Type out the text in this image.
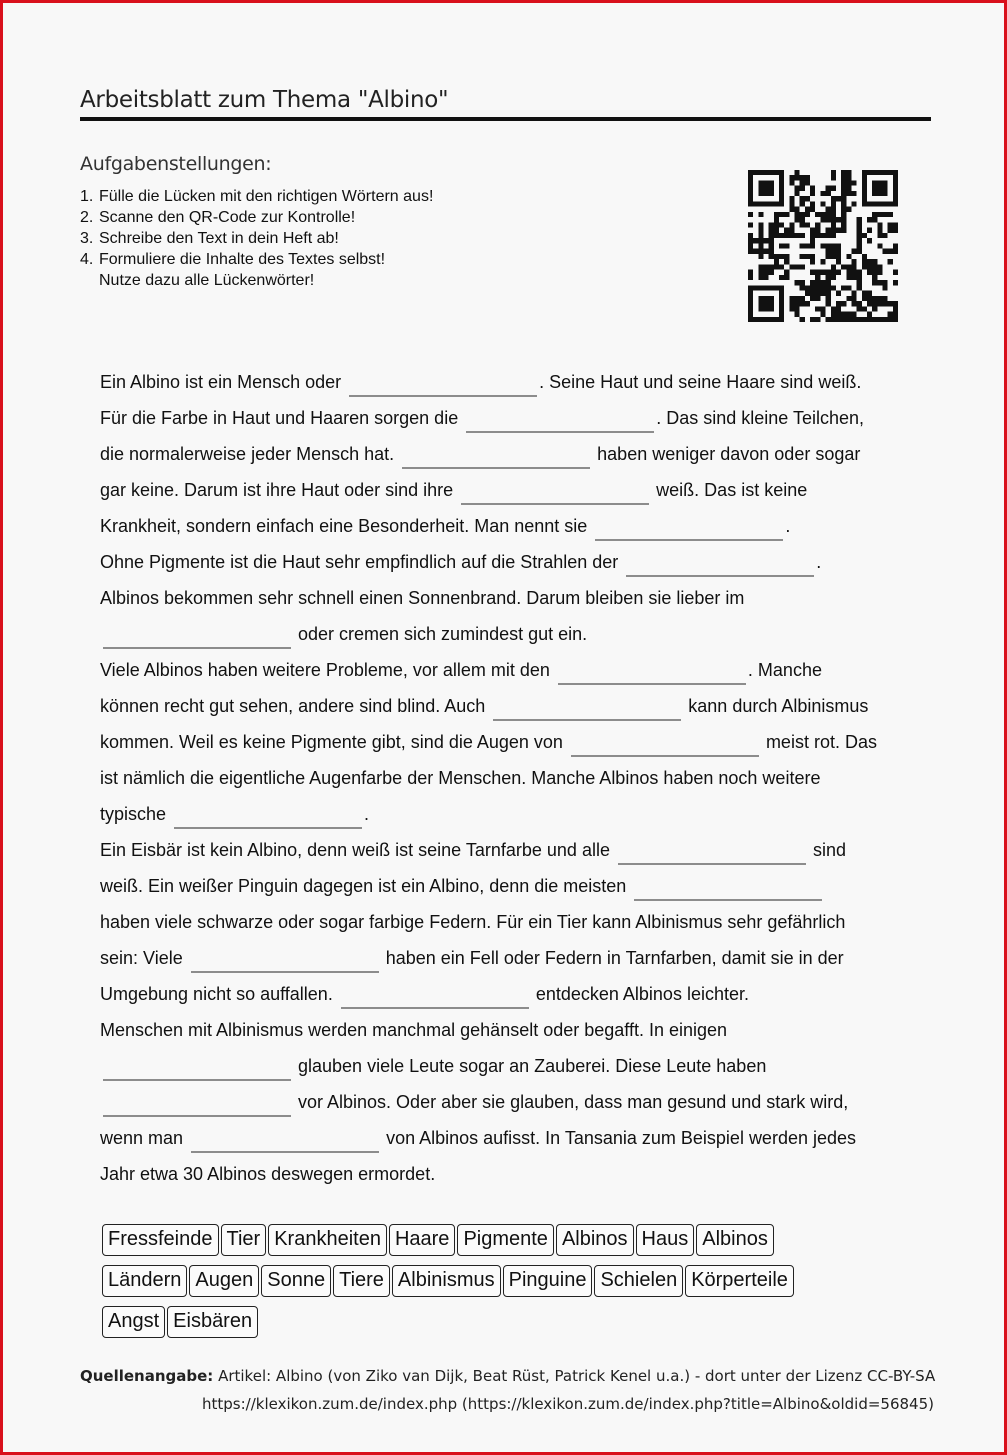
Arbeitsblatt zum Thema "Albino"
Aufgabenstellungen:
1. Fülle die Lücken mit den richtigen Wörtern aus!
2. Scanne den QR-Code zur Kontrolle!
3. Schreibe den Text in dein Heft ab!
4. Formuliere die Inhalte des Textes selbst!
Nutze dazu alle Lückenwörter!
Ein Albino ist ein Mensch oder	. Seine Haut und seine Haare sind weiß.
Für die Farbe in Haut und Haaren sorgen die	. Das sind kleine Teilchen,
die normalerweise jeder Mensch hat.	haben weniger davon oder sogar
gar keine. Darum ist ihre Haut oder sind ihre	weiß. Das ist keine
Krankheit, sondern einfach eine Besonderheit. Man nennt sie	.
Ohne Pigmente ist die Haut sehr empfindlich auf die Strahlen der	.
Albinos bekommen sehr schnell einen Sonnenbrand. Darum bleiben sie lieber im
oder cremen sich zumindest gut ein.
Viele Albinos haben weitere Probleme, vor allem mit den	. Manche
können recht gut sehen, andere sind blind. Auch	kann durch Albinismus
kommen. Weil es keine Pigmente gibt, sind die Augen von	meist rot. Das
ist nämlich die eigentliche Augenfarbe der Menschen. Manche Albinos haben noch weitere
typische	.
Ein Eisbär ist kein Albino, denn weiß ist seine Tarnfarbe und alle	sind
weiß. Ein weißer Pinguin dagegen ist ein Albino, denn die meisten
haben viele schwarze oder sogar farbige Federn. Für ein Tier kann Albinismus sehr gefährlich
sein: Viele	haben ein Fell oder Federn in Tarnfarben, damit sie in der
Umgebung nicht so auffallen.	entdecken Albinos leichter.
Menschen mit Albinismus werden manchmal gehänselt oder begafft. In einigen
glauben viele Leute sogar an Zauberei. Diese Leute haben
vor Albinos. Oder aber sie glauben, dass man gesund und stark wird,
wenn man	von Albinos aufisst. In Tansania zum Beispiel werden jedes
Jahr etwa 30 Albinos deswegen ermordet.
Fressfeinde Tier Krankheiten Haare Pigmente Albinos Haus Albinos
Ländern Augen Sonne Tiere Albinismus Pinguine Schielen Körperteile
Angst Eisbären
Quellenangabe: Artikel: Albino (von Ziko van Dijk, Beat Rüst, Patrick Kenel u.a.) - dort unter der Lizenz CC-BY-SA
https://klexikon.zum.de/index.php (https://klexikon.zum.de/index.php?title=Albino&oldid=56845)
